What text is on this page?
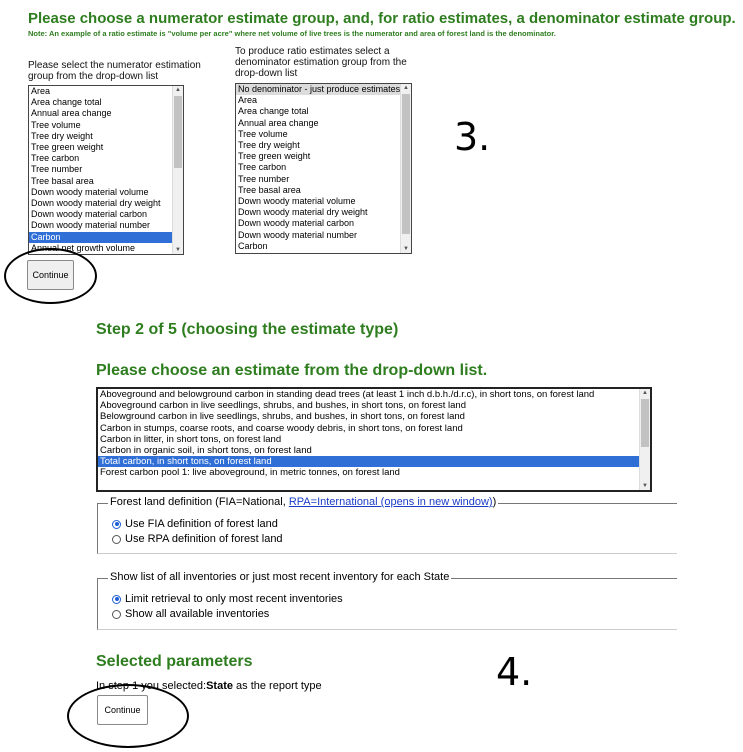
Please choose a numerator estimate group, and, for ratio estimates, a denominator estimate group.
Note: An example of a ratio estimate is "volume per acre" where net volume of live trees is the numerator and area of forest land is the denominator.
Please select the numerator estimation group from the drop-down list
Area
Area change total
Annual area change
Tree volume
Tree dry weight
Tree green weight
Tree carbon
Tree number
Tree basal area
Down woody material volume
Down woody material dry weight
Down woody material carbon
Down woody material number
Carbon
Annual net growth volume
▲
▼
To produce ratio estimates select a denominator estimation group from the drop-down list
No denominator - just produce estimates
Area
Area change total
Annual area change
Tree volume
Tree dry weight
Tree green weight
Tree carbon
Tree number
Tree basal area
Down woody material volume
Down woody material dry weight
Down woody material carbon
Down woody material number
Carbon
▲
▼
3.
Continue
Step 2 of 5 (choosing the estimate type)
Please choose an estimate from the drop-down list.
Aboveground and belowground carbon in standing dead trees (at least 1 inch d.b.h./d.r.c), in short tons, on forest land
Aboveground carbon in live seedlings, shrubs, and bushes, in short tons, on forest land
Belowground carbon in live seedlings, shrubs, and bushes, in short tons, on forest land
Carbon in stumps, coarse roots, and coarse woody debris, in short tons, on forest land
Carbon in litter, in short tons, on forest land
Carbon in organic soil, in short tons, on forest land
Total carbon, in short tons, on forest land
Forest carbon pool 1: live aboveground, in metric tonnes, on forest land
▲
▼
Forest land definition (FIA=National, RPA=International (opens in new window))
Use FIA definition of forest land
Use RPA definition of forest land
Show list of all inventories or just most recent inventory for each State
Limit retrieval to only most recent inventories
Show all available inventories
Selected parameters
In step 1 you selected:State as the report type	4.
Continue
